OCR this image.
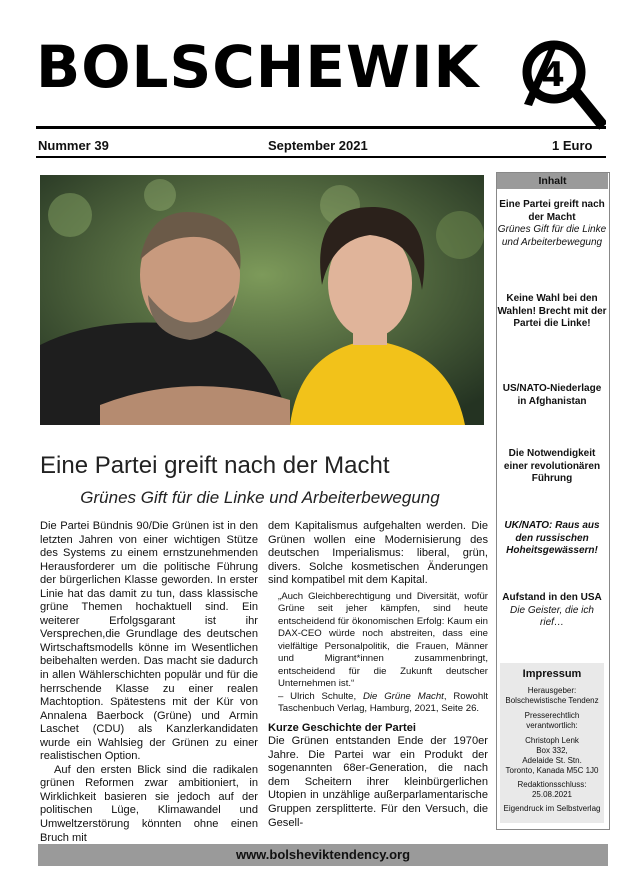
BOLSCHEWIK 4
Nummer 39	September 2021	1 Euro
Eine Partei greift nach der Macht
Grünes Gift für die Linke und Arbeiterbewegung

Die Partei Bündnis 90/Die Grünen ist in den letzten Jahren von einer wichtigen Stütze des Systems zu einem ernstzunehmenden Herausforderer um die politische Führung der bürgerlichen Klasse geworden. In erster Linie hat das damit zu tun, dass klassische grüne Themen hochaktuell sind. Ein weiterer Erfolgsgarant ist ihr Versprechen,die Grundlage des deutschen Wirtschaftsmodells könne im Wesentlichen beibehalten werden. Das macht sie dadurch in allen Wählerschichten populär und für die herrschende Klasse zu einer realen Machtoption. Spätestens mit der Kür von Annalena Baerbock (Grüne) und Armin Laschet (CDU) als Kanzlerkandidaten wurde ein Wahlsieg der Grünen zu einer realistischen Option.

Auf den ersten Blick sind die radikalen grünen Reformen zwar ambitioniert, in Wirklichkeit basieren sie jedoch auf der politischen Lüge, Klimawandel und Umweltzerstörung könnten ohne einen Bruch mit

dem Kapitalismus aufgehalten werden. Die Grünen wollen eine Modernisierung des deutschen Imperialismus: liberal, grün, divers. Solche kosmetischen Änderungen sind kompatibel mit dem Kapital.

„Auch Gleichberechtigung und Diversität, wofür Grüne seit jeher kämpfen, sind heute entscheidend für ökonomischen Erfolg: Kaum ein DAX-CEO würde noch abstreiten, dass eine vielfältige Personalpolitik, die Frauen, Männer und Migrant*innen zusammenbringt, entscheidend für die Zukunft deutscher Unternehmen ist.“
– Ulrich Schulte, Die Grüne Macht, Rowohlt Taschenbuch Verlag, Hamburg, 2021, Seite 26.

Kurze Geschichte der Partei

Die Grünen entstanden Ende der 1970er Jahre. Die Partei war ein Produkt der sogenannten 68er-Generation, die nach dem Scheitern ihrer kleinbürgerlichen Utopien in unzählige außerparlamentarische Gruppen zersplitterte. Für den Versuch, die Gesell-

Inhalt
Eine Partei greift nach der Macht
Grünes Gift für die Linke und Arbeiterbewegung
Keine Wahl bei den Wahlen! Brecht mit der Partei die Linke!
US/NATO-Niederlage in Afghanistan
Die Notwendigkeit einer revolutionären Führung
UK/NATO: Raus aus den russischen Hoheitsgewässern!
Aufstand in den USA
Die Geister, die ich rief…
Impressum
Herausgeber:
Bolschewistische Tendenz
Presserechtlich verantwortlich:
Christoph Lenk
Box 332,
Adelaide St. Stn.
Toronto, Kanada M5C 1J0
Redaktionsschluss:
25.08.2021
Eigendruck im Selbstverlag
www.bolsheviktendency.org
